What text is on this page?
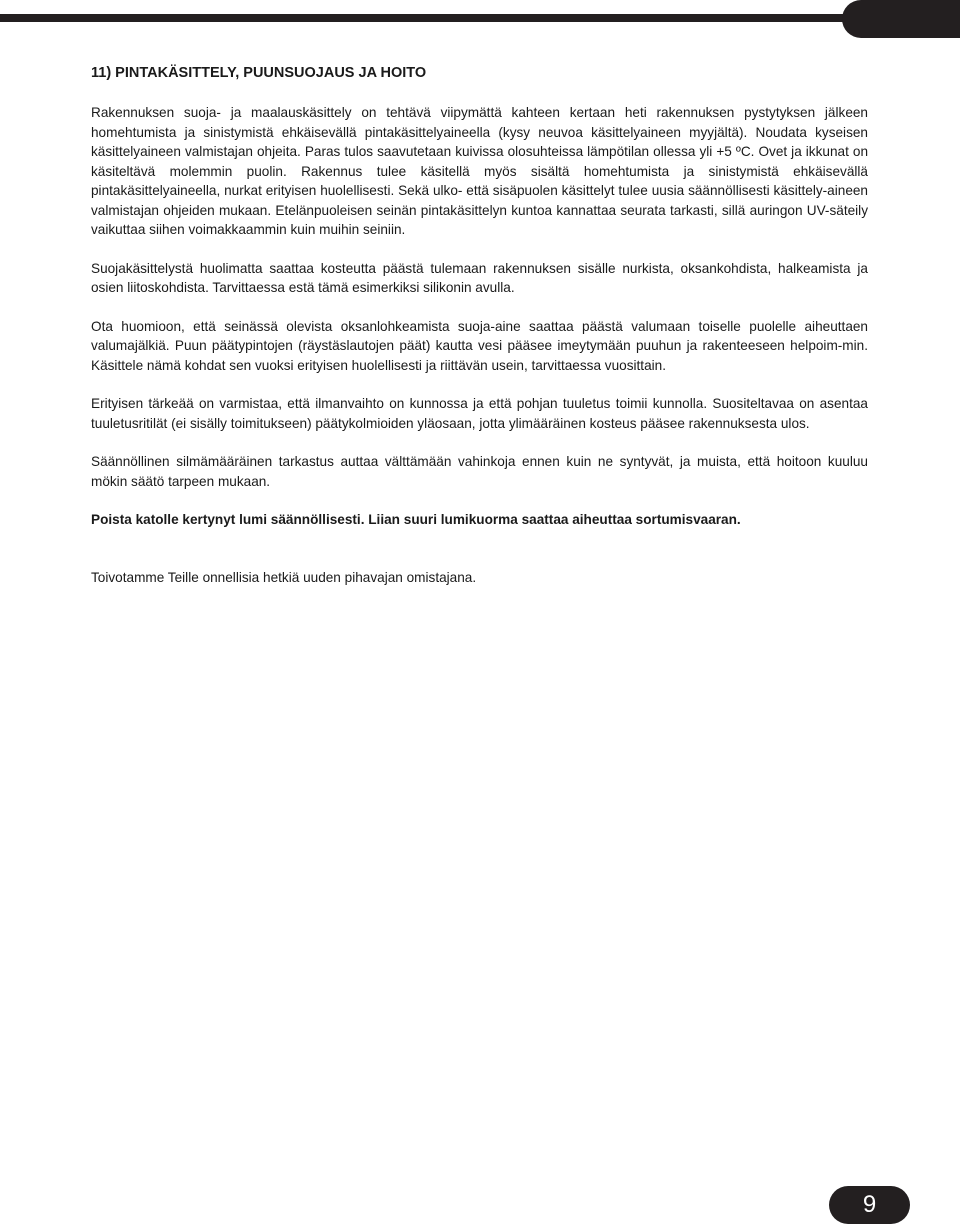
11) PINTAKÄSITTELY, PUUNSUOJAUS JA HOITO

Rakennuksen suoja- ja maalauskäsittely on tehtävä viipymättä kahteen kertaan heti rakennuksen pystytyksen jälkeen homehtumista ja sinistymistä ehkäisevällä pintakäsittelyaineella (kysy neuvoa käsittelyaineen myyjältä). Noudata kyseisen käsittelyaineen valmistajan ohjeita. Paras tulos saavutetaan kuivissa olosuhteissa lämpötilan ollessa yli +5 ºC. Ovet ja ikkunat on käsiteltävä molemmin puolin. Rakennus tulee käsitellä myös sisältä homehtumista ja sinistymistä ehkäisevällä pintakäsittelyaineella, nurkat erityisen huolellisesti. Sekä ulko- että sisäpuolen käsittelyt tulee uusia säännöllisesti käsittely-aineen valmistajan ohjeiden mukaan. Etelänpuoleisen seinän pintakäsittelyn kuntoa kannattaa seurata tarkasti, sillä auringon UV-säteily vaikuttaa siihen voimakkaammin kuin muihin seiniin.

Suojakäsittelystä huolimatta saattaa kosteutta päästä tulemaan rakennuksen sisälle nurkista, oksankohdista, halkeamista ja osien liitoskohdista. Tarvittaessa estä tämä esimerkiksi silikonin avulla.

Ota huomioon, että seinässä olevista oksanlohkeamista suoja-aine saattaa päästä valumaan toiselle puolelle aiheuttaen valumajälkiä. Puun päätypintojen (räystäslautojen päät) kautta vesi pääsee imeytymään puuhun ja rakenteeseen helpoim-min. Käsittele nämä kohdat sen vuoksi erityisen huolellisesti ja riittävän usein, tarvittaessa vuosittain.

Erityisen tärkeää on varmistaa, että ilmanvaihto on kunnossa ja että pohjan tuuletus toimii kunnolla. Suositeltavaa on asentaa tuuletusritilät (ei sisälly toimitukseen) päätykolmioiden yläosaan, jotta ylimääräinen kosteus pääsee rakennuksesta ulos.

Säännöllinen silmämääräinen tarkastus auttaa välttämään vahinkoja ennen kuin ne syntyvät, ja muista, että hoitoon kuuluu mökin säätö tarpeen mukaan.

Poista katolle kertynyt lumi säännöllisesti. Liian suuri lumikuorma saattaa aiheuttaa sortumisvaaran.

Toivotamme Teille onnellisia hetkiä uuden pihavajan omistajana.

9
